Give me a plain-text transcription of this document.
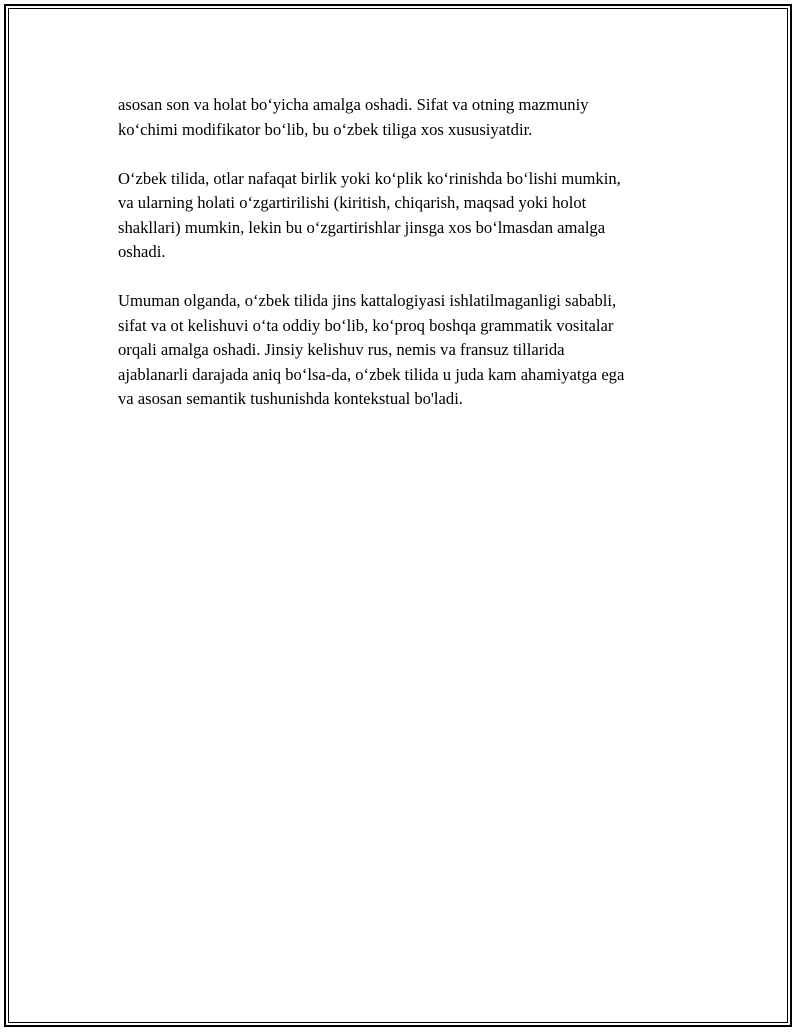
asosan son va holat bo‘yicha amalga oshadi. Sifat va otning mazmuniy
ko‘chimi modifikator bo‘lib, bu o‘zbek tiliga xos xususiyatdir.

O‘zbek tilida, otlar nafaqat birlik yoki ko‘plik ko‘rinishda bo‘lishi mumkin,
va ularning holati o‘zgartirilishi (kiritish, chiqarish, maqsad yoki holot
shakllari) mumkin, lekin bu o‘zgartirishlar jinsga xos bo‘lmasdan amalga
oshadi.

Umuman olganda, o‘zbek tilida jins kattalogiyasi ishlatilmaganligi sababli,
sifat va ot kelishuvi o‘ta oddiy bo‘lib, ko‘proq boshqa grammatik vositalar
orqali amalga oshadi. Jinsiy kelishuv rus, nemis va fransuz tillarida
ajablanarli darajada aniq bo‘lsa-da, o‘zbek tilida u juda kam ahamiyatga ega
va asosan semantik tushunishda kontekstual bo'ladi.
